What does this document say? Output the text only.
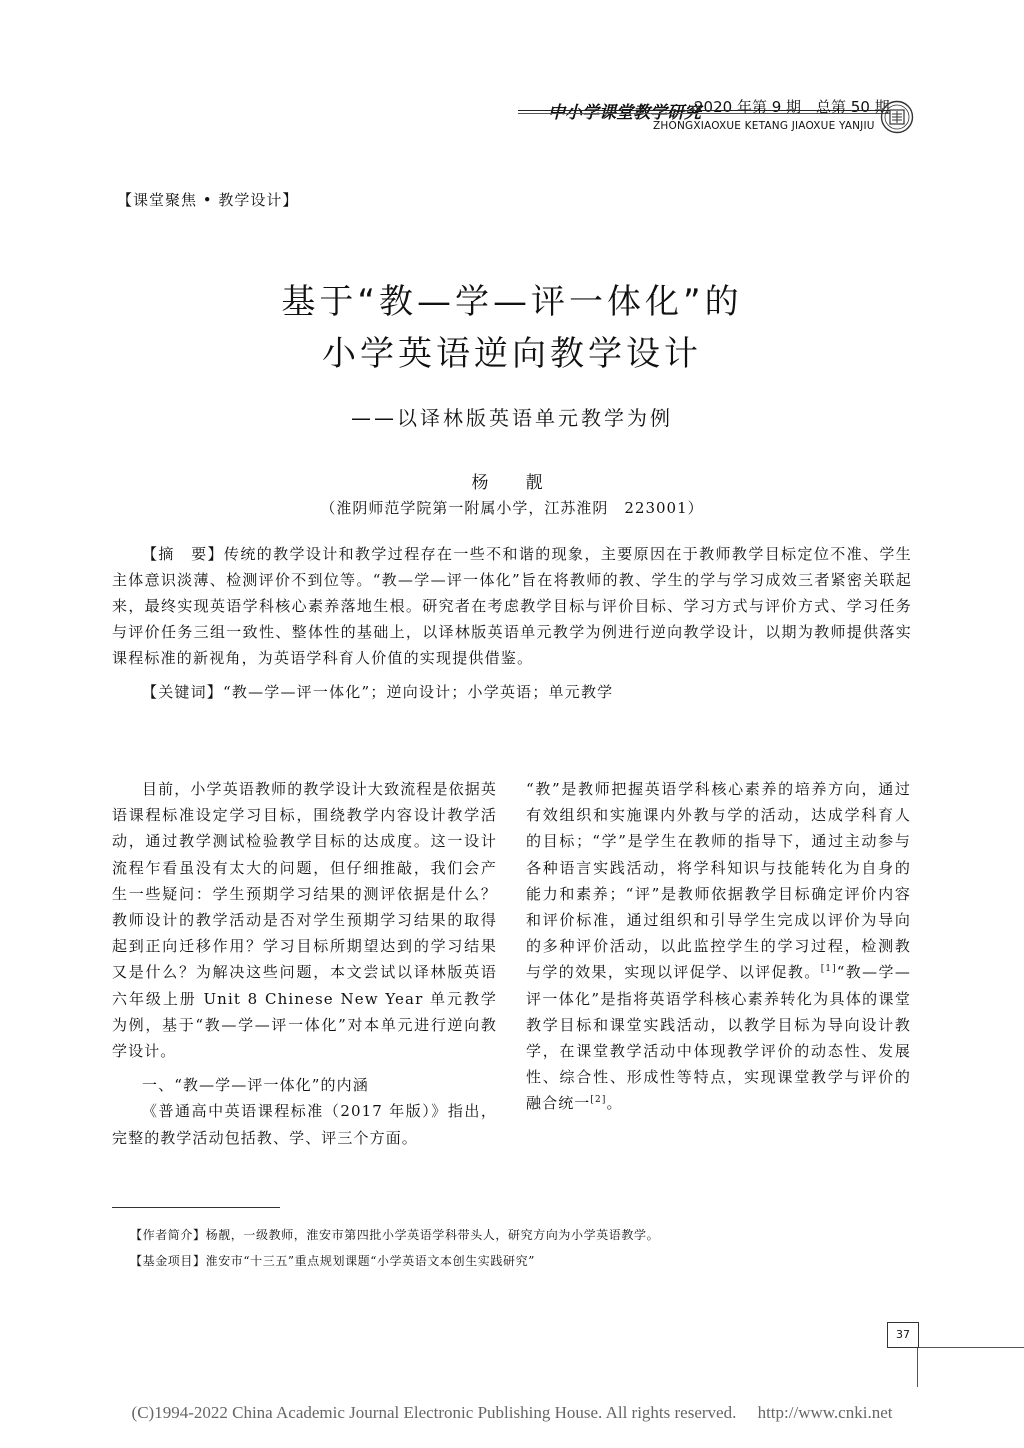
中小学课堂教学研究
2020 年第 9 期　总第 50 期
ZHONGXIAOXUE KETANG JIAOXUE YANJIU
【课堂聚焦 • 教学设计】
基于“教—学—评一体化”的
小学英语逆向教学设计
——以译林版英语单元教学为例
杨　靓
（淮阴师范学院第一附属小学，江苏淮阴　223001）

【摘　要】传统的教学设计和教学过程存在一些不和谐的现象，主要原因在于教师教学目标定位不准、学生主体意识淡薄、检测评价不到位等。“教—学—评一体化”旨在将教师的教、学生的学与学习成效三者紧密关联起来，最终实现英语学科核心素养落地生根。研究者在考虑教学目标与评价目标、学习方式与评价方式、学习任务与评价任务三组一致性、整体性的基础上，以译林版英语单元教学为例进行逆向教学设计，以期为教师提供落实课程标准的新视角，为英语学科育人价值的实现提供借鉴。

【关键词】“教—学—评一体化”；逆向设计；小学英语；单元教学

目前，小学英语教师的教学设计大致流程是依据英语课程标准设定学习目标，围绕教学内容设计教学活动，通过教学测试检验教学目标的达成度。这一设计流程乍看虽没有太大的问题，但仔细推敲，我们会产生一些疑问：学生预期学习结果的测评依据是什么？教师设计的教学活动是否对学生预期学习结果的取得起到正向迁移作用？学习目标所期望达到的学习结果又是什么？为解决这些问题，本文尝试以译林版英语六年级上册 Unit 8 Chinese New Year 单元教学为例，基于“教—学—评一体化”对本单元进行逆向教学设计。

一、“教—学—评一体化”的内涵

《普通高中英语课程标准（2017 年版）》指出，完整的教学活动包括教、学、评三个方面。

“教”是教师把握英语学科核心素养的培养方向，通过有效组织和实施课内外教与学的活动，达成学科育人的目标；“学”是学生在教师的指导下，通过主动参与各种语言实践活动，将学科知识与技能转化为自身的能力和素养；“评”是教师依据教学目标确定评价内容和评价标准，通过组织和引导学生完成以评价为导向的多种评价活动，以此监控学生的学习过程，检测教与学的效果，实现以评促学、以评促教。[1]“教—学—评一体化”是指将英语学科核心素养转化为具体的课堂教学目标和课堂实践活动，以教学目标为导向设计教学，在课堂教学活动中体现教学评价的动态性、发展性、综合性、形成性等特点，实现课堂教学与评价的融合统一[2]。

【作者简介】杨靓，一级教师，淮安市第四批小学英语学科带头人，研究方向为小学英语教学。
【基金项目】淮安市“十三五”重点规划课题“小学英语文本创生实践研究”
37
(C)1994-2022 China Academic Journal Electronic Publishing House. All rights reserved.　 http://www.cnki.net
